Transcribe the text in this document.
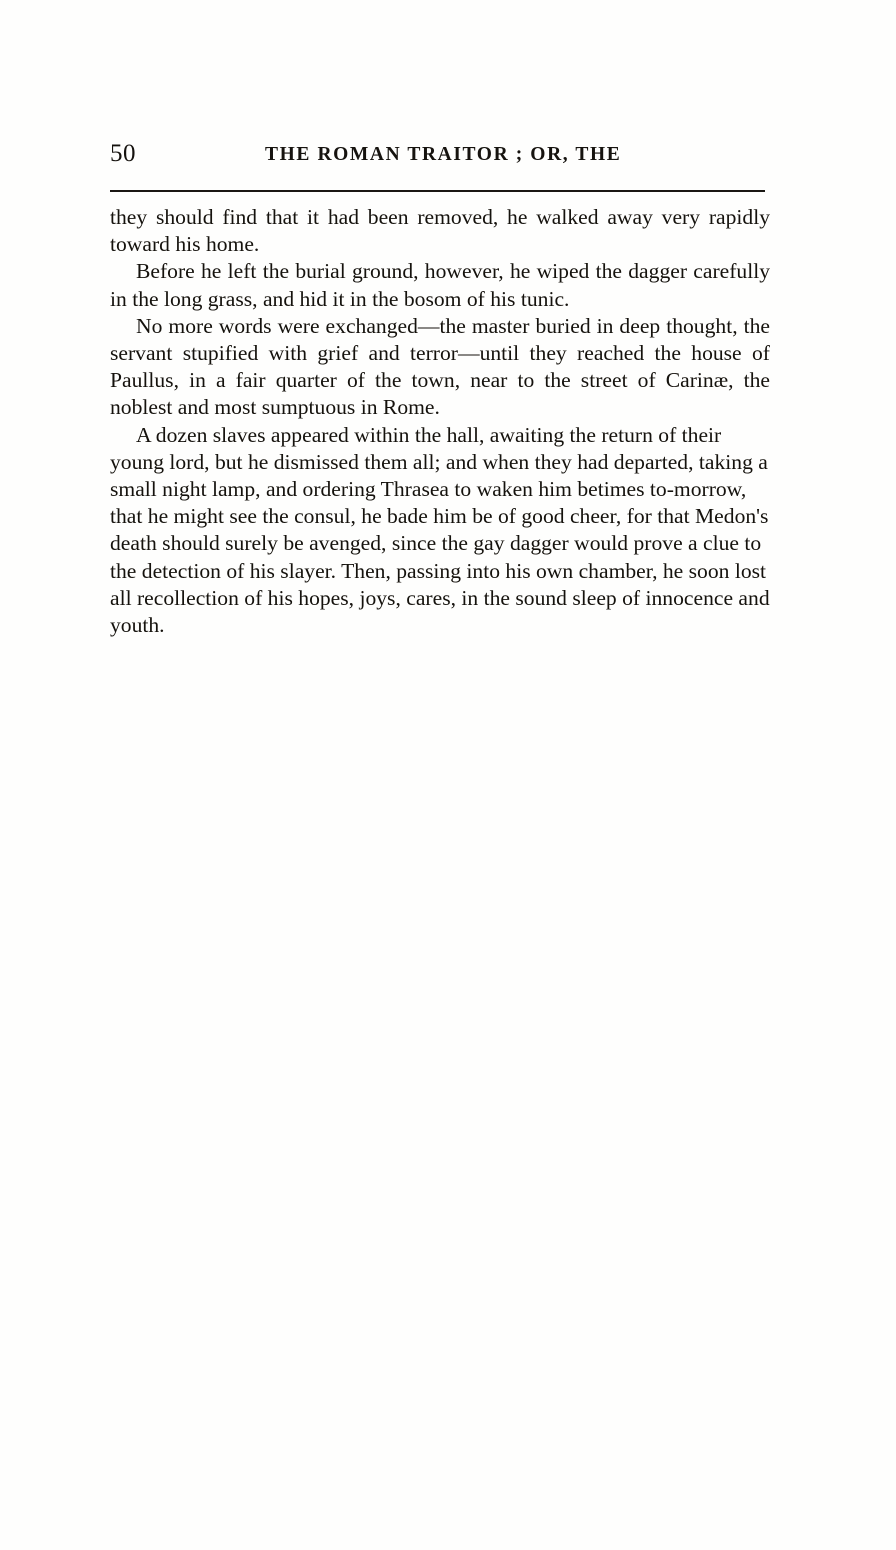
50	THE ROMAN TRAITOR ; OR, THE

they should find that it had been removed, he walked away very rapidly toward his home.

Before he left the burial ground, however, he wiped the dagger carefully in the long grass, and hid it in the bosom of his tunic.

No more words were exchanged—the master buried in deep thought, the servant stupified with grief and terror—until they reached the house of Paullus, in a fair quarter of the town, near to the street of Carinæ, the noblest and most sumptuous in Rome.

A dozen slaves appeared within the hall, awaiting the return of their young lord, but he dismissed them all; and when they had departed, taking a small night lamp, and ordering Thrasea to waken him betimes to-morrow, that he might see the consul, he bade him be of good cheer, for that Medon's death should surely be avenged, since the gay dagger would prove a clue to the detection of his slayer. Then, passing into his own chamber, he soon lost all recollection of his hopes, joys, cares, in the sound sleep of innocence and youth.
